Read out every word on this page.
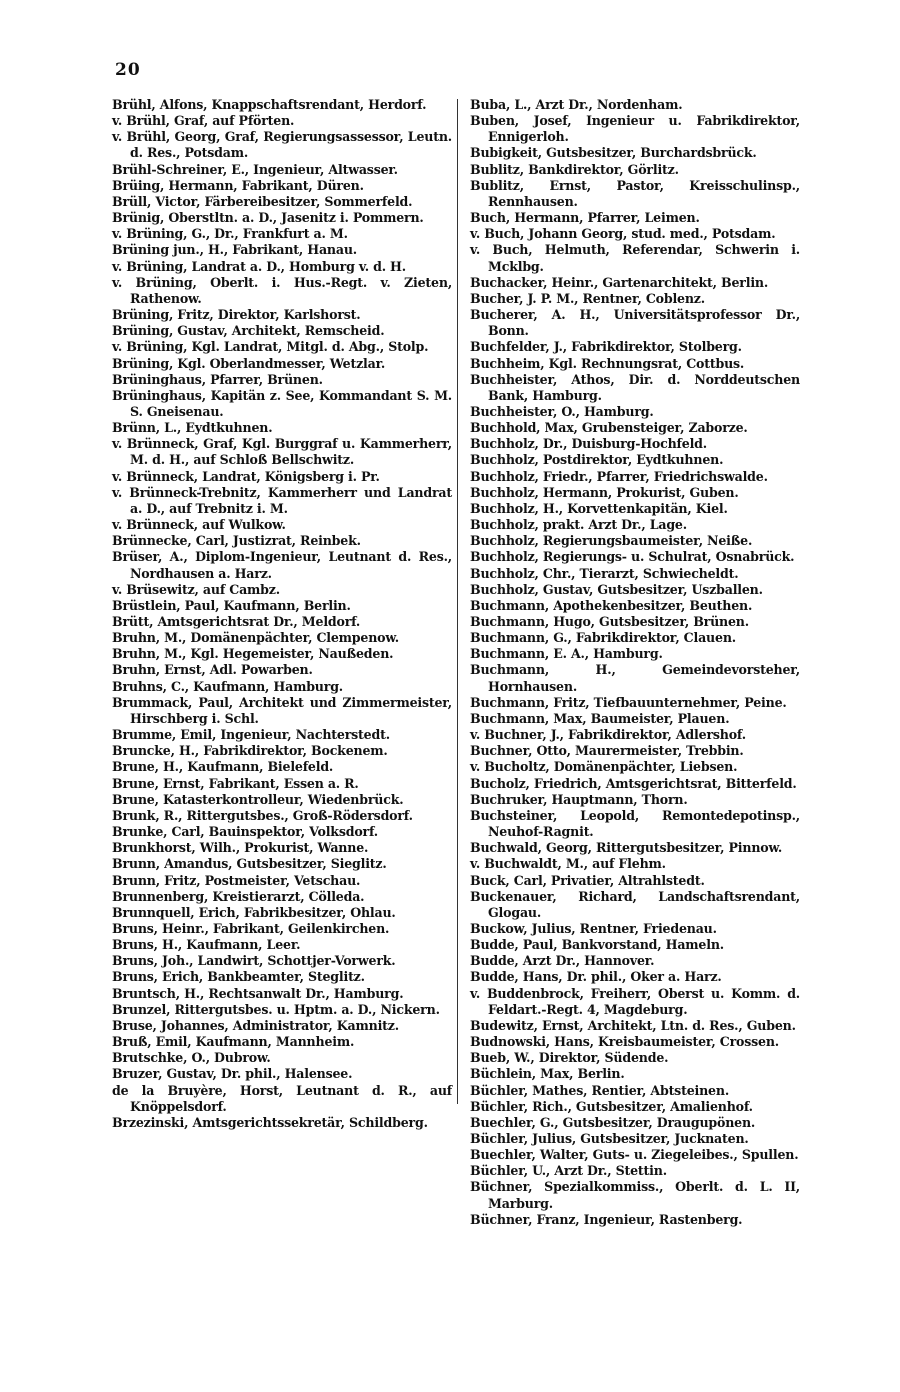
20
Brühl, Alfons, Knappschaftsrendant, Herdorf.
v. Brühl, Graf, auf Pförten.
v. Brühl, Georg, Graf, Regierungsassessor, Leutn. d. Res., Potsdam.
Brühl-Schreiner, E., Ingenieur, Altwasser.
Brüing, Hermann, Fabrikant, Düren.
Brüll, Victor, Färbereibesitzer, Sommerfeld.
Brünig, Oberstltn. a. D., Jasenitz i. Pommern.
v. Brüning, G., Dr., Frankfurt a. M.
Brüning jun., H., Fabrikant, Hanau.
v. Brüning, Landrat a. D., Homburg v. d. H.
v. Brüning, Oberlt. i. Hus.-Regt. v. Zieten, Rathenow.
Brüning, Fritz, Direktor, Karlshorst.
Brüning, Gustav, Architekt, Remscheid.
v. Brüning, Kgl. Landrat, Mitgl. d. Abg., Stolp.
Brüning, Kgl. Oberlandmesser, Wetzlar.
Brüninghaus, Pfarrer, Brünen.
Brüninghaus, Kapitän z. See, Kommandant S. M. S. Gneisenau.
Brünn, L., Eydtkuhnen.
v. Brünneck, Graf, Kgl. Burggraf u. Kammerherr, M. d. H., auf Schloß Bellschwitz.
v. Brünneck, Landrat, Königsberg i. Pr.
v. Brünneck-Trebnitz, Kammerherr und Landrat a. D., auf Trebnitz i. M.
v. Brünneck, auf Wulkow.
Brünnecke, Carl, Justizrat, Reinbek.
Brüser, A., Diplom-Ingenieur, Leutnant d. Res., Nordhausen a. Harz.
v. Brüsewitz, auf Cambz.
Brüstlein, Paul, Kaufmann, Berlin.
Brütt, Amtsgerichtsrat Dr., Meldorf.
Bruhn, M., Domänenpächter, Clempenow.
Bruhn, M., Kgl. Hegemeister, Naußeden.
Bruhn, Ernst, Adl. Powarben.
Bruhns, C., Kaufmann, Hamburg.
Brummack, Paul, Architekt und Zimmermeister, Hirschberg i. Schl.
Brumme, Emil, Ingenieur, Nachterstedt.
Brunckе, H., Fabrikdirektor, Bockenem.
Brune, H., Kaufmann, Bielefeld.
Brune, Ernst, Fabrikant, Essen a. R.
Brune, Katasterkontrolleur, Wiedenbrück.
Brunk, R., Rittergutsbes., Groß-Rödersdorf.
Brunke, Carl, Bauinspektor, Volksdorf.
Brunkhorst, Wilh., Prokurist, Wanne.
Brunn, Amandus, Gutsbesitzer, Sieglitz.
Brunn, Fritz, Postmeister, Vetschau.
Brunnenberg, Kreistierarzt, Cölleda.
Brunnquell, Erich, Fabrikbesitzer, Ohlau.
Bruns, Heinr., Fabrikant, Geilenkirchen.
Bruns, H., Kaufmann, Leer.
Bruns, Joh., Landwirt, Schottjer-Vorwerk.
Bruns, Erich, Bankbeamter, Steglitz.
Bruntsch, H., Rechtsanwalt Dr., Hamburg.
Brunzel, Rittergutsbes. u. Hptm. a. D., Nickern.
Bruse, Johannes, Administrator, Kamnitz.
Bruß, Emil, Kaufmann, Mannheim.
Brutschke, O., Dubrow.
Bruzer, Gustav, Dr. phil., Halensee.
de la Bruyère, Horst, Leutnant d. R., auf Knöppelsdorf.
Brzezinski, Amtsgerichtssekretär, Schildberg.
Buba, L., Arzt Dr., Nordenham.
Buben, Josef, Ingenieur u. Fabrikdirektor, Ennigerloh.
Bubigkeit, Gutsbesitzer, Burchardsbrück.
Bublitz, Bankdirektor, Görlitz.
Bublitz, Ernst, Pastor, Kreisschulinsp., Rennhausen.
Buch, Hermann, Pfarrer, Leimen.
v. Buch, Johann Georg, stud. med., Potsdam.
v. Buch, Helmuth, Referendar, Schwerin i. Mcklbg.
Buchacker, Heinr., Gartenarchitekt, Berlin.
Bucher, J. P. M., Rentner, Coblenz.
Bucherer, A. H., Universitätsprofessor Dr., Bonn.
Buchfelder, J., Fabrikdirektor, Stolberg.
Buchheim, Kgl. Rechnungsrat, Cottbus.
Buchheister, Athos, Dir. d. Norddeutschen Bank, Hamburg.
Buchheister, O., Hamburg.
Buchhold, Max, Grubensteiger, Zaborze.
Buchholz, Dr., Duisburg-Hochfeld.
Buchholz, Postdirektor, Eydtkuhnen.
Buchholz, Friedr., Pfarrer, Friedrichswalde.
Buchholz, Hermann, Prokurist, Guben.
Buchholz, H., Korvettenkapitän, Kiel.
Buchholz, prakt. Arzt Dr., Lage.
Buchholz, Regierungsbaumeister, Neiße.
Buchholz, Regierungs- u. Schulrat, Osnabrück.
Buchholz, Chr., Tierarzt, Schwiecheldt.
Buchholz, Gustav, Gutsbesitzer, Uszballen.
Buchmann, Apothekenbesitzer, Beuthen.
Buchmann, Hugo, Gutsbesitzer, Brünen.
Buchmann, G., Fabrikdirektor, Clauen.
Buchmann, E. A., Hamburg.
Buchmann, H., Gemeindevorsteher, Hornhausen.
Buchmann, Fritz, Tiefbauunternehmer, Peine.
Buchmann, Max, Baumeister, Plauen.
v. Buchner, J., Fabrikdirektor, Adlershof.
Buchner, Otto, Maurermeister, Trebbin.
v. Bucholtz, Domänenpächter, Liebsen.
Bucholz, Friedrich, Amtsgerichtsrat, Bitterfeld.
Buchruker, Hauptmann, Thorn.
Buchsteiner, Leopold, Remontedepotinsp., Neuhof-Ragnit.
Buchwald, Georg, Rittergutsbesitzer, Pinnow.
v. Buchwaldt, M., auf Flehm.
Buck, Carl, Privatier, Altrahlstedt.
Buckenauer, Richard, Landschaftsrendant, Glogau.
Buckow, Julius, Rentner, Friedenau.
Budde, Paul, Bankvorstand, Hameln.
Budde, Arzt Dr., Hannover.
Budde, Hans, Dr. phil., Oker a. Harz.
v. Buddenbrock, Freiherr, Oberst u. Komm. d. Feldart.-Regt. 4, Magdeburg.
Budewitz, Ernst, Architekt, Ltn. d. Res., Guben.
Budnowski, Hans, Kreisbaumeister, Crossen.
Bueb, W., Direktor, Südende.
Büchlein, Max, Berlin.
Büchler, Mathes, Rentier, Abtsteinen.
Büchler, Rich., Gutsbesitzer, Amalienhof.
Buechler, G., Gutsbesitzer, Draugupönen.
Büchler, Julius, Gutsbesitzer, Jucknaten.
Buechler, Walter, Guts- u. Ziegeleibes., Spullen.
Büchler, U., Arzt Dr., Stettin.
Büchner, Spezialkommiss., Oberlt. d. L. II, Marburg.
Büchner, Franz, Ingenieur, Rastenberg.
